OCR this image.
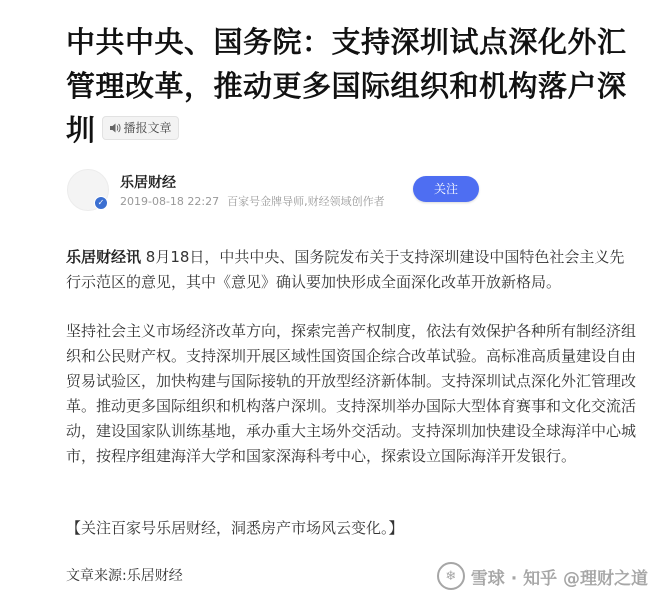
中共中央、国务院：支持深圳试点深化外汇管理改革，推动更多国际组织和机构落户深圳 播报文章
✓
乐居财经
2019-08-18 22:27 百家号金牌导师,财经领域创作者
关注
乐居财经讯 8月18日，中共中央、国务院发布关于支持深圳建设中国特色社会主义先行示范区的意见，其中《意见》确认要加快形成全面深化改革开放新格局。
坚持社会主义市场经济改革方向，探索完善产权制度，依法有效保护各种所有制经济组织和公民财产权。支持深圳开展区域性国资国企综合改革试验。高标准高质量建设自由贸易试验区，加快构建与国际接轨的开放型经济新体制。支持深圳试点深化外汇管理改革。推动更多国际组织和机构落户深圳。支持深圳举办国际大型体育赛事和文化交流活动，建设国家队训练基地，承办重大主场外交活动。支持深圳加快建设全球海洋中心城市，按程序组建海洋大学和国家深海科考中心，探索设立国际海洋开发银行。
【关注百家号乐居财经，洞悉房产市场风云变化。】
文章来源:乐居财经	❄ 雪球 · 知乎 @理财之道
